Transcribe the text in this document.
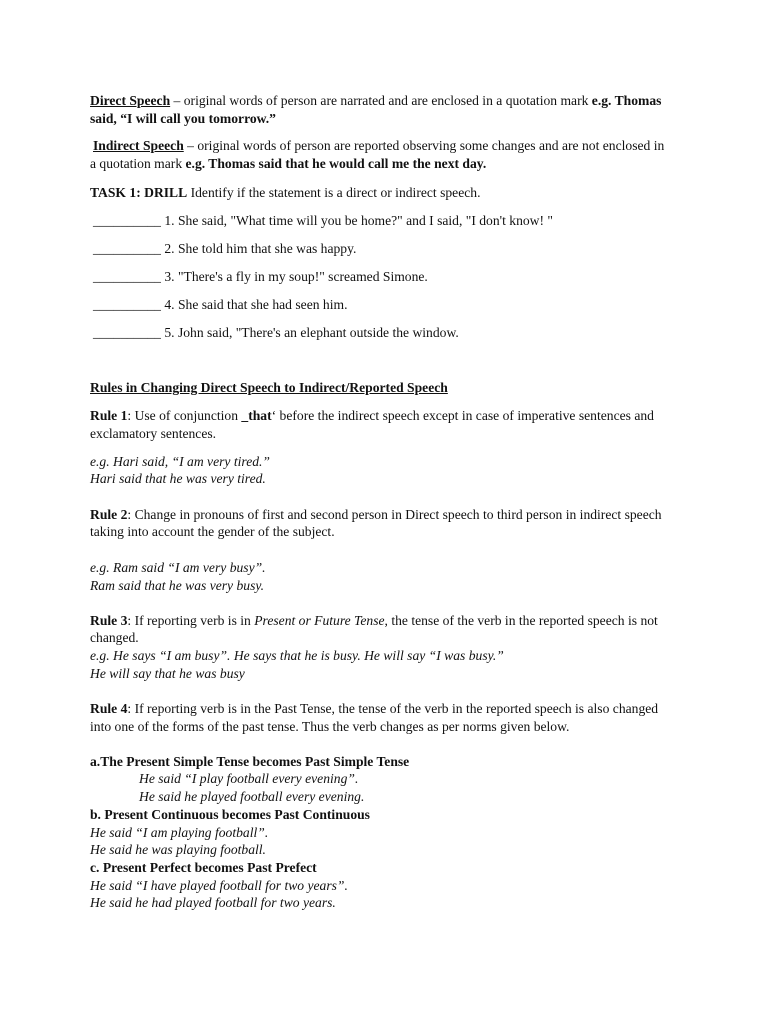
Direct Speech – original words of person are narrated and are enclosed in a quotation mark e.g. Thomas
said, “I will call you tomorrow.”
Indirect Speech – original words of person are reported observing some changes and are not enclosed in
a quotation mark e.g. Thomas said that he would call me the next day.
TASK 1: DRILL Identify if the statement is a direct or indirect speech.
__________ 1. She said, "What time will you be home?" and I said, "I don't know! "
__________ 2. She told him that she was happy.
__________ 3. "There's a fly in my soup!" screamed Simone.
__________ 4. She said that she had seen him.
__________ 5. John said, "There's an elephant outside the window.
Rules in Changing Direct Speech to Indirect/Reported Speech
Rule 1: Use of conjunction _that‘ before the indirect speech except in case of imperative sentences and
exclamatory sentences.
e.g. Hari said, “I am very tired.”
Hari said that he was very tired.
Rule 2: Change in pronouns of first and second person in Direct speech to third person in indirect speech
taking into account the gender of the subject.
e.g. Ram said “I am very busy”.
Ram said that he was very busy.
Rule 3: If reporting verb is in Present or Future Tense, the tense of the verb in the reported speech is not
changed.
e.g. He says “I am busy”. He says that he is busy. He will say “I was busy.”
He will say that he was busy
Rule 4: If reporting verb is in the Past Tense, the tense of the verb in the reported speech is also changed
into one of the forms of the past tense. Thus the verb changes as per norms given below.
a.The Present Simple Tense becomes Past Simple Tense
He said “I play football every evening”.
He said he played football every evening.
b. Present Continuous becomes Past Continuous
He said “I am playing football”.
He said he was playing football.
c. Present Perfect becomes Past Prefect
He said “I have played football for two years”.
He said he had played football for two years.
